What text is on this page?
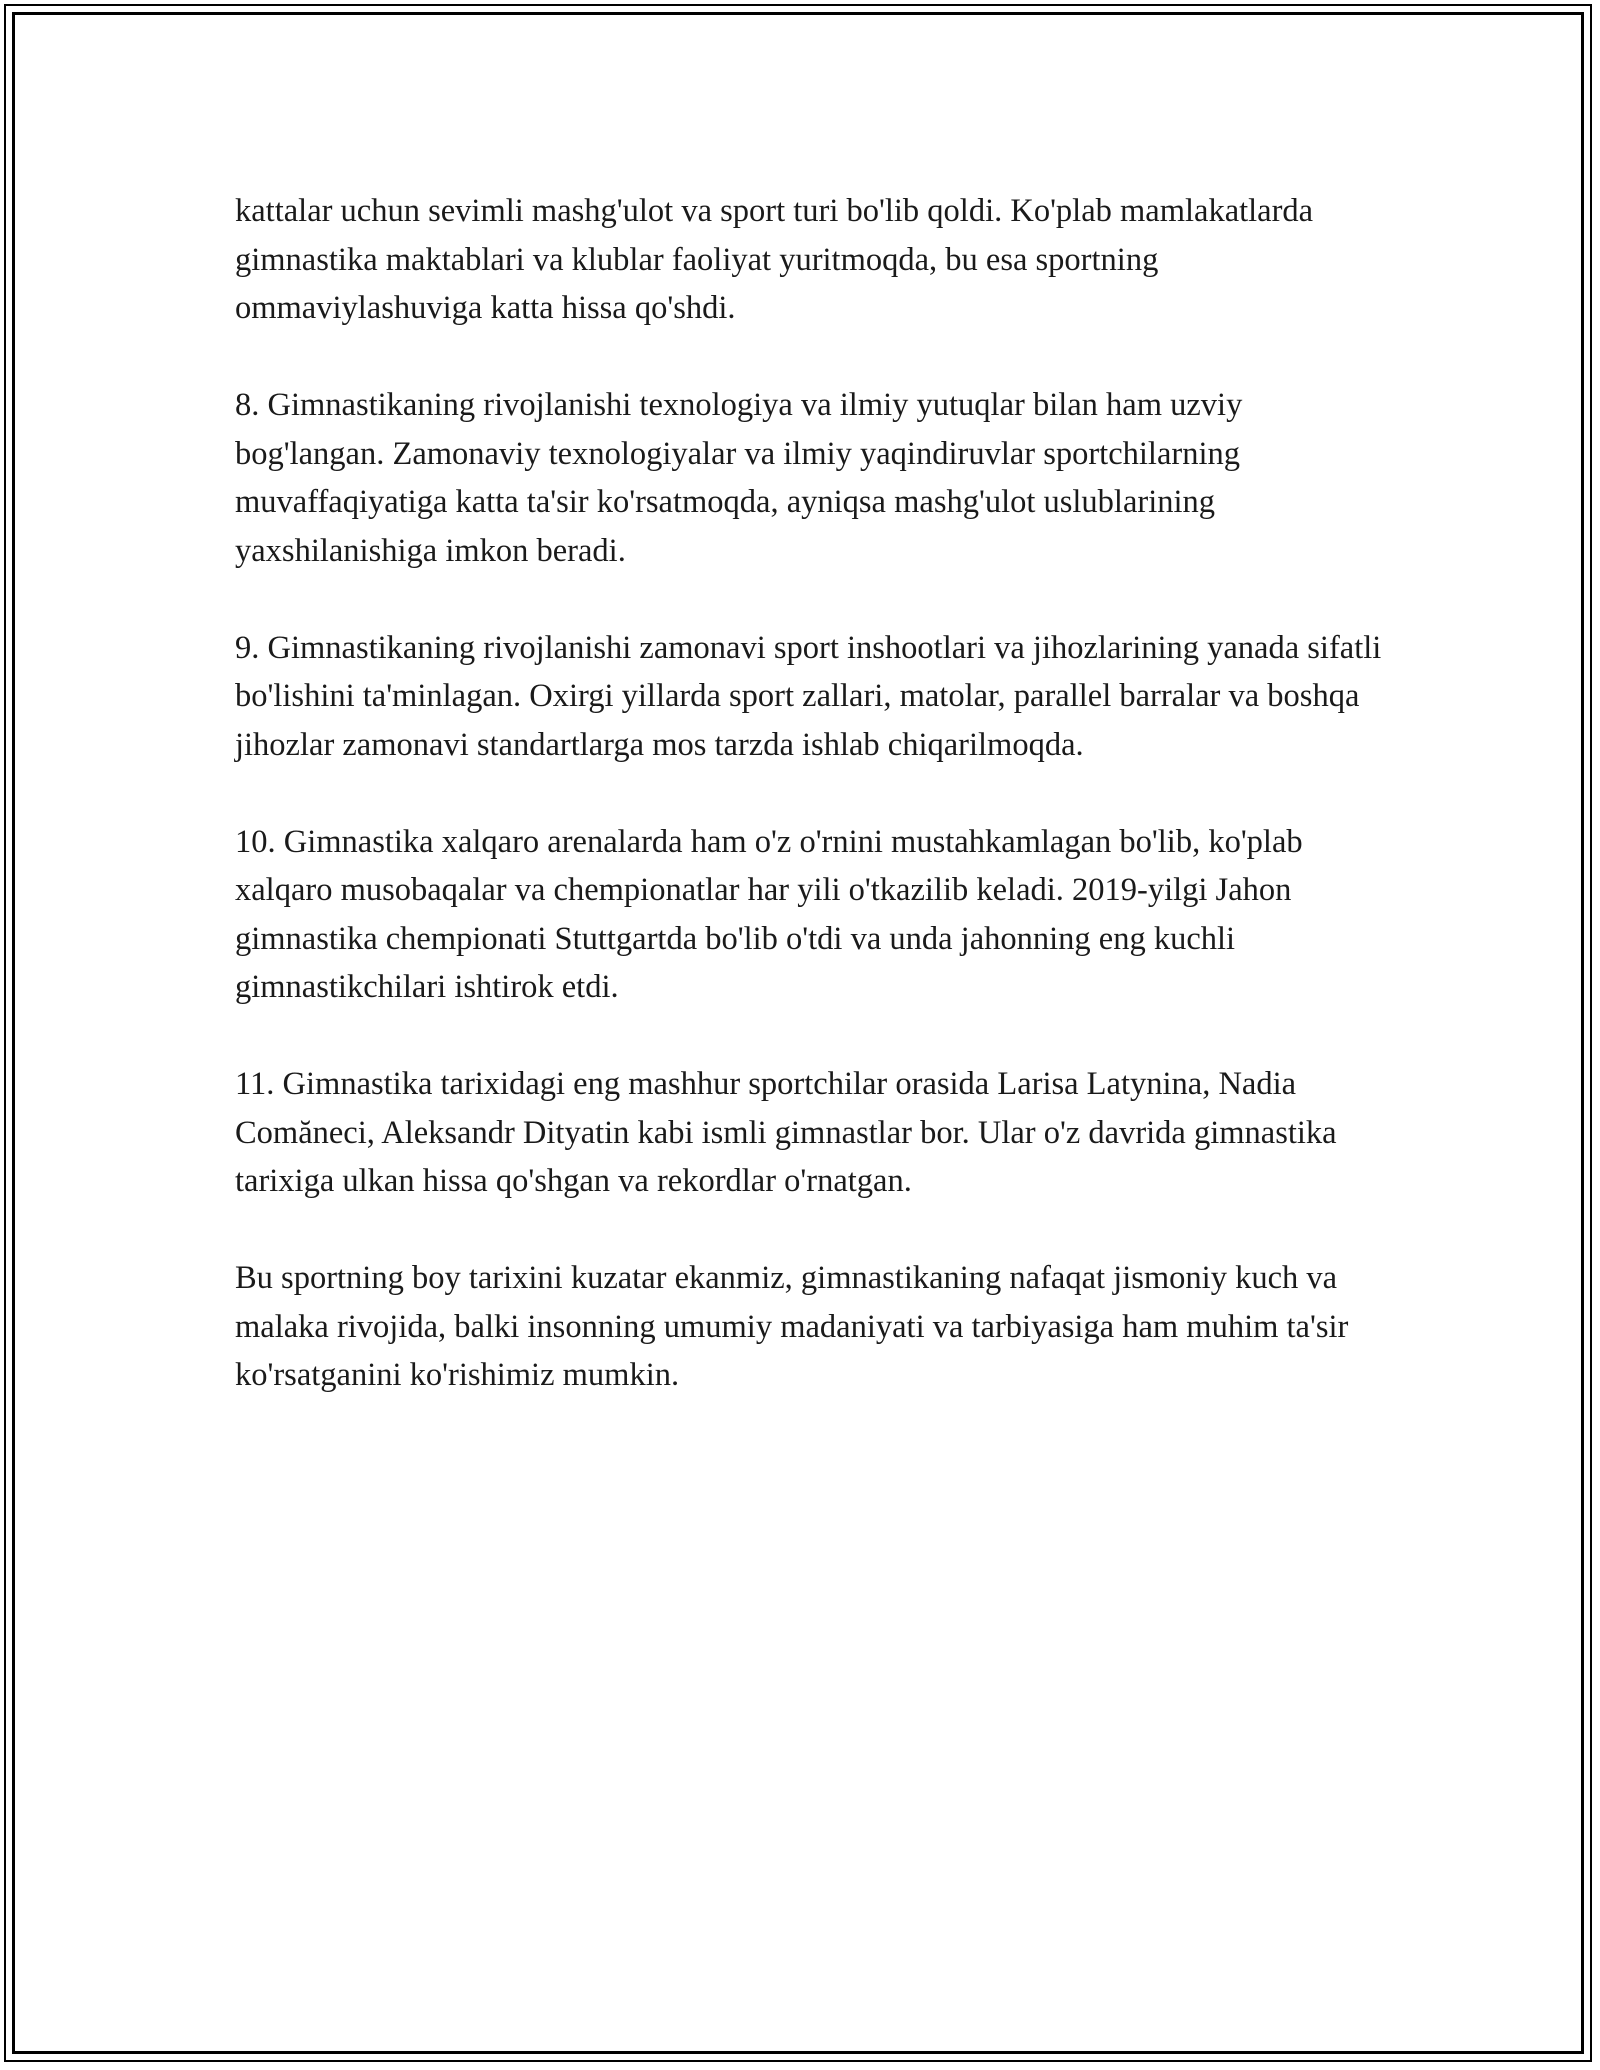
kattalar uchun sevimli mashg'ulot va sport turi bo'lib qoldi. Ko'plab mamlakatlarda gimnastika maktablari va klublar faoliyat yuritmoqda, bu esa sportning ommaviylashuviga katta hissa qo'shdi.

8. Gimnastikaning rivojlanishi texnologiya va ilmiy yutuqlar bilan ham uzviy bog'langan. Zamonaviy texnologiyalar va ilmiy yaqindiruvlar sportchilarning muvaffaqiyatiga katta ta'sir ko'rsatmoqda, ayniqsa mashg'ulot uslublarining yaxshilanishiga imkon beradi.

9. Gimnastikaning rivojlanishi zamonavi sport inshootlari va jihozlarining yanada sifatli bo'lishini ta'minlagan. Oxirgi yillarda sport zallari, matolar, parallel barralar va boshqa jihozlar zamonavi standartlarga mos tarzda ishlab chiqarilmoqda.

10. Gimnastika xalqaro arenalarda ham o'z o'rnini mustahkamlagan bo'lib, ko'plab xalqaro musobaqalar va chempionatlar har yili o'tkazilib keladi. 2019-yilgi Jahon gimnastika chempionati Stuttgartda bo'lib o'tdi va unda jahonning eng kuchli gimnastikchilari ishtirok etdi.

11. Gimnastika tarixidagi eng mashhur sportchilar orasida Larisa Latynina, Nadia Comăneci, Aleksandr Dityatin kabi ismli gimnastlar bor. Ular o'z davrida gimnastika tarixiga ulkan hissa qo'shgan va rekordlar o'rnatgan.

Bu sportning boy tarixini kuzatar ekanmiz, gimnastikaning nafaqat jismoniy kuch va malaka rivojida, balki insonning umumiy madaniyati va tarbiyasiga ham muhim ta'sir ko'rsatganini ko'rishimiz mumkin.
